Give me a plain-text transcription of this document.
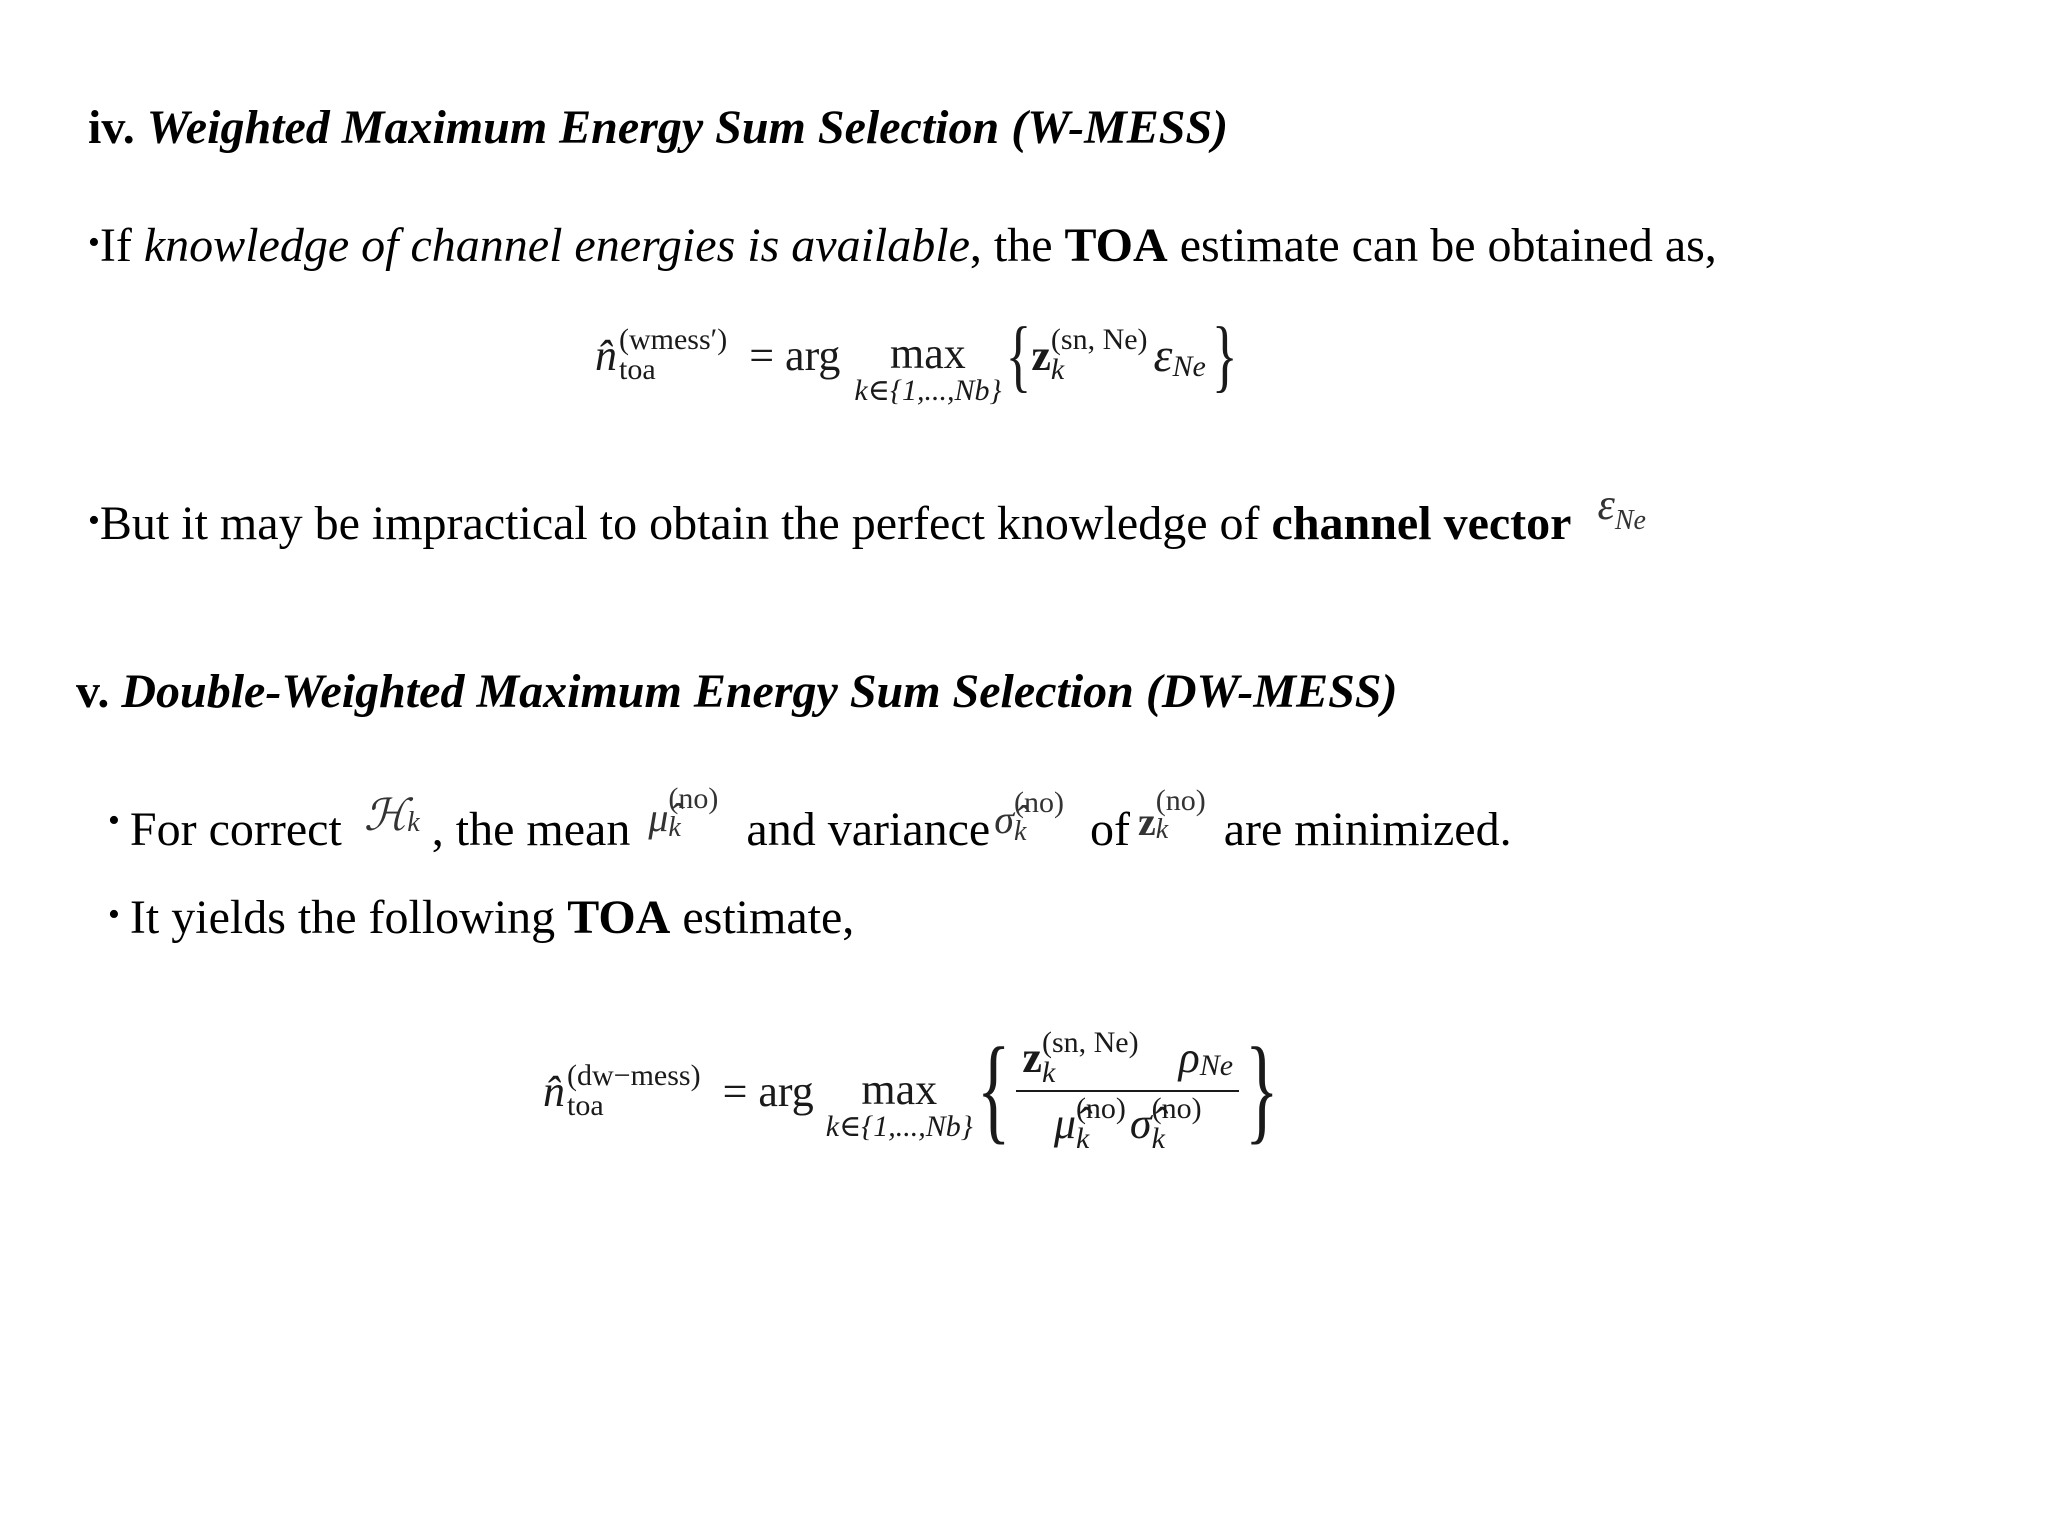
iv. Weighted Maximum Energy Sum Selection (W-MESS)
•If knowledge of channel energies is available, the TOA estimate can be obtained as,
n̂ (wmess′)
toa = arg max
k∈{1,...,Nb} { z (sn, Ne)
k ε Ne }
•But it may be impractical to obtain the perfect knowledge of channel vector $\varepsilon^{Ne}$
v. Double-Weighted Maximum Energy Sum Selection (DW-MESS)
• For correct ℋ k , the mean μ̂ (no)
k and variance σ̂ (no)
k of z (no)
k are minimized.
• It yields the following TOA estimate,
n̂ (dw−mess)
toa	= arg max
k∈{1,...,Nb} { z (sn, Ne)
k	ρ Ne
μ̂ (no)
k σ̂ (no)
k }
